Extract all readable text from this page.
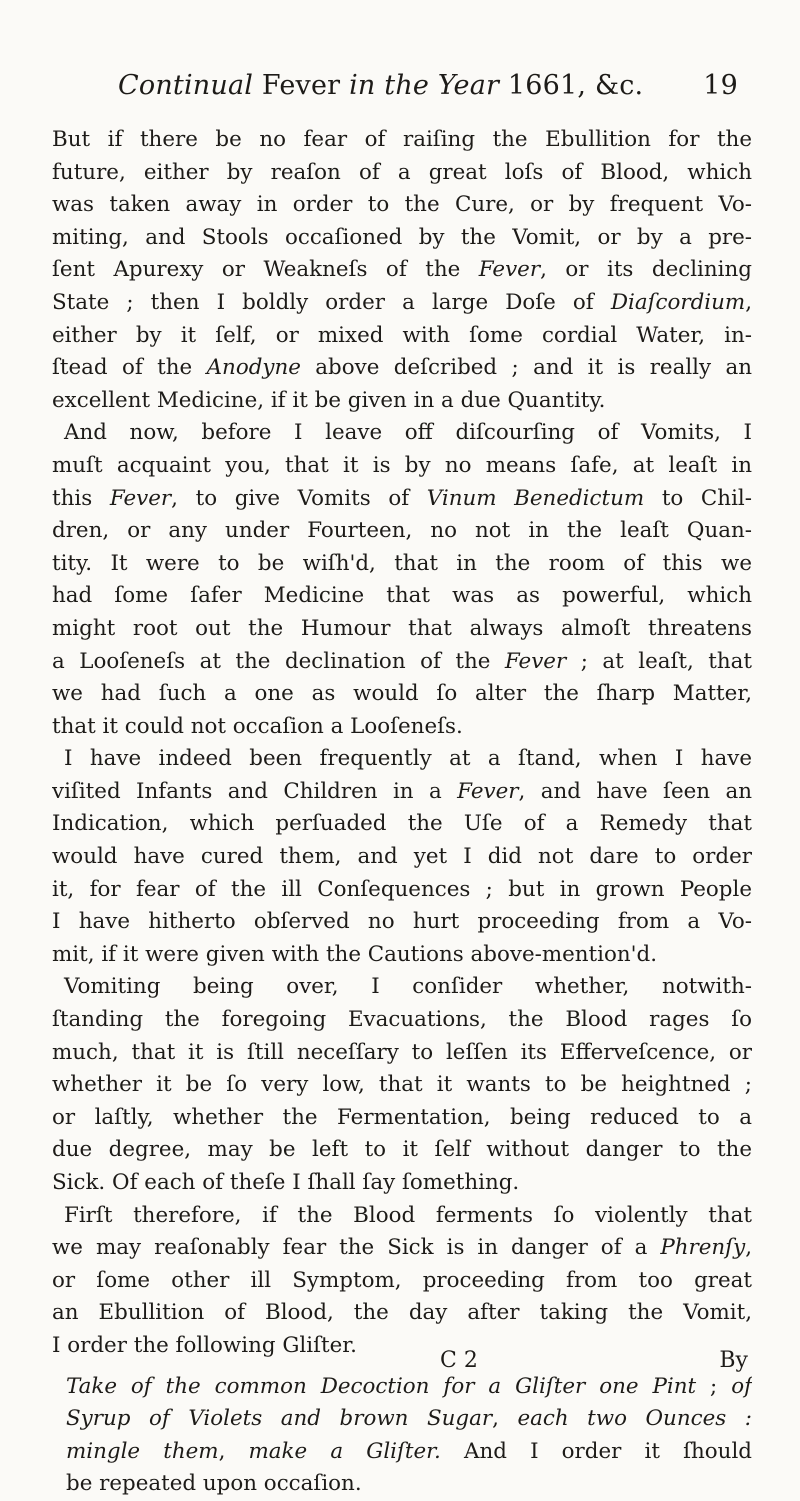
Continual Fever in the Year 1661, &c. 19
But if there be no fear of raiſing the Ebullition for the
future, either by reaſon of a great loſs of Blood, which
was taken away in order to the Cure, or by frequent Vo-
miting, and Stools occaſioned by the Vomit, or by a pre-
ſent Apurexy or Weakneſs of the Fever, or its declining
State ; then I boldly order a large Doſe of Diaſcordium,
either by it ſelf, or mixed with ſome cordial Water, in-
ſtead of the Anodyne above deſcribed ; and it is really an
excellent Medicine, if it be given in a due Quantity.
And now, before I leave off diſcourſing of Vomits, I
muſt acquaint you, that it is by no means ſafe, at leaſt in
this Fever, to give Vomits of Vinum Benedictum to Chil-
dren, or any under Fourteen, no not in the leaſt Quan-
tity. It were to be wiſh'd, that in the room of this we
had ſome ſafer Medicine that was as powerful, which
might root out the Humour that always almoſt threatens
a Looſeneſs at the declination of the Fever ; at leaſt, that
we had ſuch a one as would ſo alter the ſharp Matter,
that it could not occaſion a Looſeneſs.
I have indeed been frequently at a ſtand, when I have
viſited Infants and Children in a Fever, and have ſeen an
Indication, which perſuaded the Uſe of a Remedy that
would have cured them, and yet I did not dare to order
it, for fear of the ill Conſequences ; but in grown People
I have hitherto obſerved no hurt proceeding from a Vo-
mit, if it were given with the Cautions above-mention'd.
Vomiting being over, I conſider whether, notwith-
ſtanding the foregoing Evacuations, the Blood rages ſo
much, that it is ſtill neceſſary to leſſen its Effervеſcence, or
whether it be ſo very low, that it wants to be heightned ;
or laſtly, whether the Fermentation, being reduced to a
due degree, may be left to it ſelf without danger to the
Sick. Of each of theſe I ſhall ſay ſomething.
Firſt therefore, if the Blood ferments ſo violently that
we may reaſonably fear the Sick is in danger of a Phrenſy,
or ſome other ill Symptom, proceeding from too great
an Ebullition of Blood, the day after taking the Vomit,
I order the following Gliſter.
Take of the common Decoction for a Gliſter one Pint ; of
Syrup of Violets and brown Sugar, each two Ounces :
mingle them, make a Gliſter. And I order it ſhould
be repeated upon occaſion.
C 2	By
